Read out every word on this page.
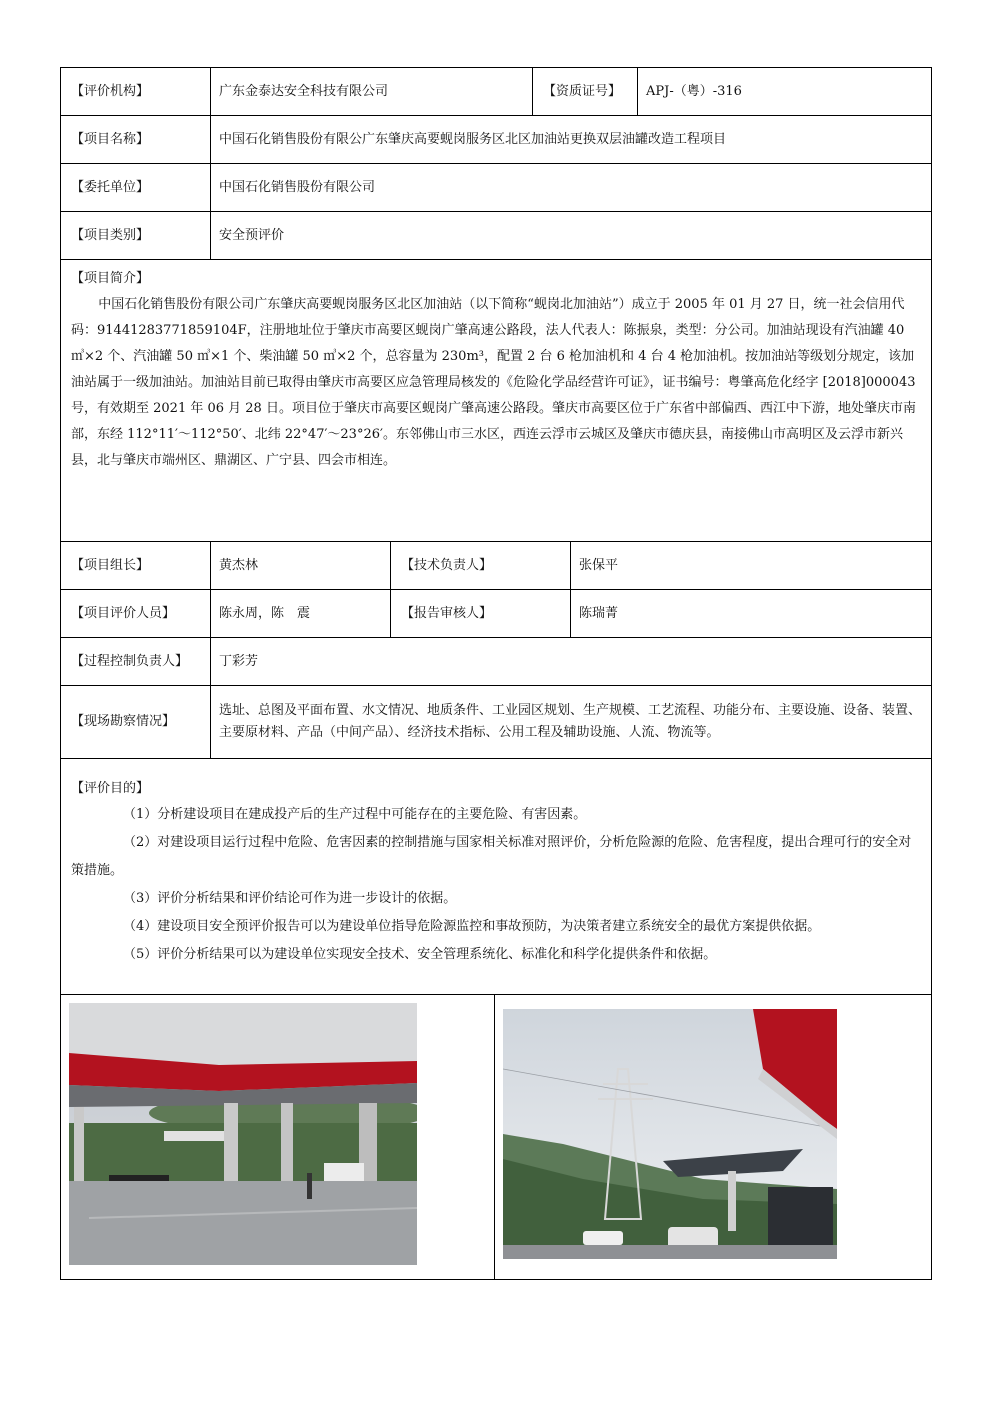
【评价机构】	广东金泰达安全科技有限公司	【资质证号】	APJ-（粤）-316
【项目名称】	中国石化销售股份有限公广东肇庆高要蚬岗服务区北区加油站更换双层油罐改造工程项目
【委托单位】	中国石化销售股份有限公司
【项目类别】	安全预评价
【项目简介】

中国石化销售股份有限公司广东肇庆高要蚬岗服务区北区加油站（以下简称“蚬岗北加油站”）成立于 2005 年 01 月 27 日，统一社会信用代码：91441283771859104F，注册地址位于肇庆市高要区蚬岗广肇高速公路段，法人代表人：陈振泉，类型：分公司。加油站现设有汽油罐 40 ㎥×2 个、汽油罐 50 ㎥×1 个、柴油罐 50 ㎥×2 个，总容量为 230m³，配置 2 台 6 枪加油机和 4 台 4 枪加油机。按加油站等级划分规定，该加油站属于一级加油站。加油站目前已取得由肇庆市高要区应急管理局核发的《危险化学品经营许可证》，证书编号：粤肇高危化经字 [2018]000043 号，有效期至 2021 年 06 月 28 日。项目位于肇庆市高要区蚬岗广肇高速公路段。肇庆市高要区位于广东省中部偏西、西江中下游，地处肇庆市南部，东经 112°11′～112°50′、北纬 22°47′～23°26′。东邻佛山市三水区，西连云浮市云城区及肇庆市德庆县，南接佛山市高明区及云浮市新兴县，北与肇庆市端州区、鼎湖区、广宁县、四会市相连。

【项目组长】	黄杰林	【技术负责人】	张保平
【项目评价人员】	陈永周，陈　震	【报告审核人】	陈瑞菁
【过程控制负责人】	丁彩芳
【现场勘察情况】
选址、总图及平面布置、水文情况、地质条件、工业园区规划、生产规模、工艺流程、功能分布、主要设施、设备、装置、主要原材料、产品（中间产品）、经济技术指标、公用工程及辅助设施、人流、物流等。
【评价目的】

（1）分析建设项目在建成投产后的生产过程中可能存在的主要危险、有害因素。

（2）对建设项目运行过程中危险、危害因素的控制措施与国家相关标准对照评价，分析危险源的危险、危害程度，提出合理可行的安全对策措施。

（3）评价分析结果和评价结论可作为进一步设计的依据。

（4）建设项目安全预评价报告可以为建设单位指导危险源监控和事故预防，为决策者建立系统安全的最优方案提供依据。

（5）评价分析结果可以为建设单位实现安全技术、安全管理系统化、标准化和科学化提供条件和依据。
